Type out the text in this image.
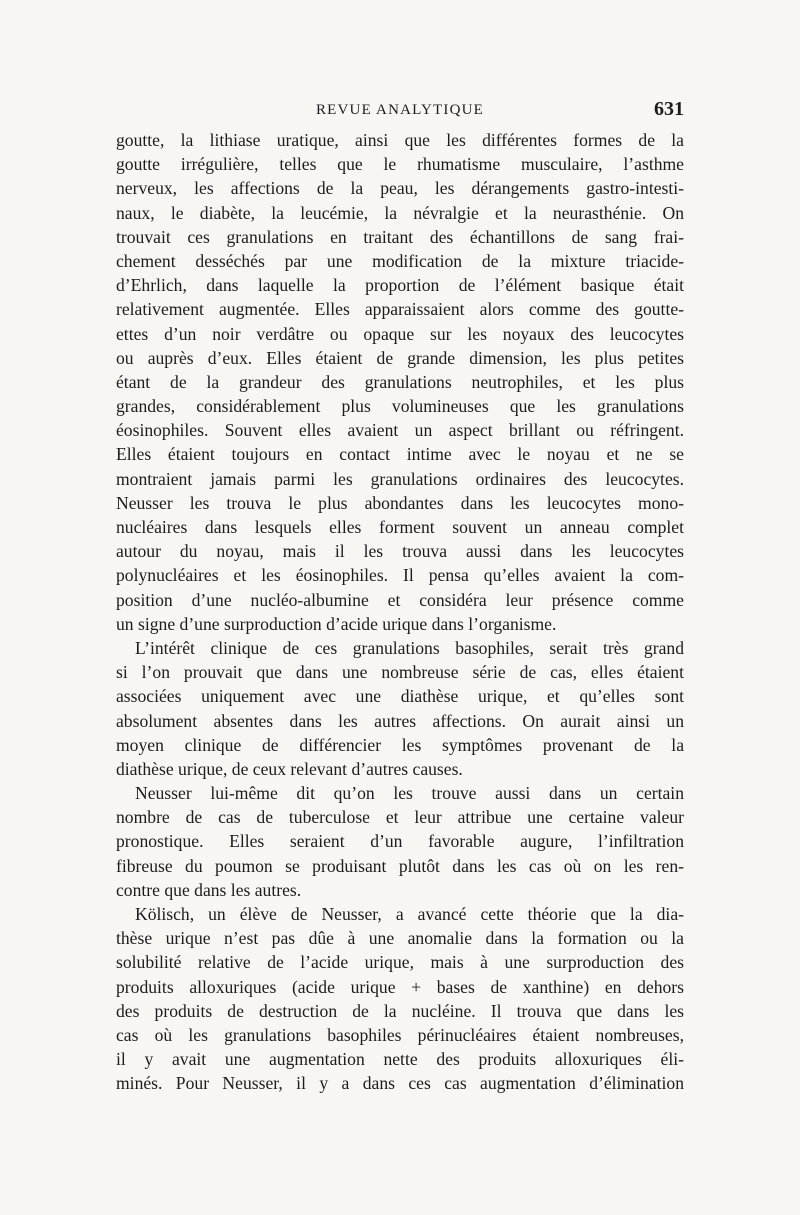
REVUE ANALYTIQUE	631
goutte, la lithiase uratique, ainsi que les différentes formes de la
goutte irrégulière, telles que le rhumatisme musculaire, l’asthme
nerveux, les affections de la peau, les dérangements gastro-intesti-
naux, le diabète, la leucémie, la névralgie et la neurasthénie. On
trouvait ces granulations en traitant des échantillons de sang frai-
chement desséchés par une modification de la mixture triacide-
d’Ehrlich, dans laquelle la proportion de l’élément basique était
relativement augmentée. Elles apparaissaient alors comme des goutte-
ettes d’un noir verdâtre ou opaque sur les noyaux des leucocytes
ou auprès d’eux. Elles étaient de grande dimension, les plus petites
étant de la grandeur des granulations neutrophiles, et les plus
grandes, considérablement plus volumineuses que les granulations
éosinophiles. Souvent elles avaient un aspect brillant ou réfringent.
Elles étaient toujours en contact intime avec le noyau et ne se
montraient jamais parmi les granulations ordinaires des leucocytes.
Neusser les trouva le plus abondantes dans les leucocytes mono-
nucléaires dans lesquels elles forment souvent un anneau complet
autour du noyau, mais il les trouva aussi dans les leucocytes
polynucléaires et les éosinophiles. Il pensa qu’elles avaient la com-
position d’une nucléo-albumine et considéra leur présence comme
un signe d’une surproduction d’acide urique dans l’organisme.
L’intérêt clinique de ces granulations basophiles, serait très grand
si l’on prouvait que dans une nombreuse série de cas, elles étaient
associées uniquement avec une diathèse urique, et qu’elles sont
absolument absentes dans les autres affections. On aurait ainsi un
moyen clinique de différencier les symptômes provenant de la
diathèse urique, de ceux relevant d’autres causes.
Neusser lui-même dit qu’on les trouve aussi dans un certain
nombre de cas de tuberculose et leur attribue une certaine valeur
pronostique. Elles seraient d’un favorable augure, l’infiltration
fibreuse du poumon se produisant plutôt dans les cas où on les ren-
contre que dans les autres.
Kölisch, un élève de Neusser, a avancé cette théorie que la dia-
thèse urique n’est pas dûe à une anomalie dans la formation ou la
solubilité relative de l’acide urique, mais à une surproduction des
produits alloxuriques (acide urique + bases de xanthine) en dehors
des produits de destruction de la nucléine. Il trouva que dans les
cas où les granulations basophiles périnucléaires étaient nombreuses,
il y avait une augmentation nette des produits alloxuriques éli-
minés. Pour Neusser, il y a dans ces cas augmentation d’élimination
